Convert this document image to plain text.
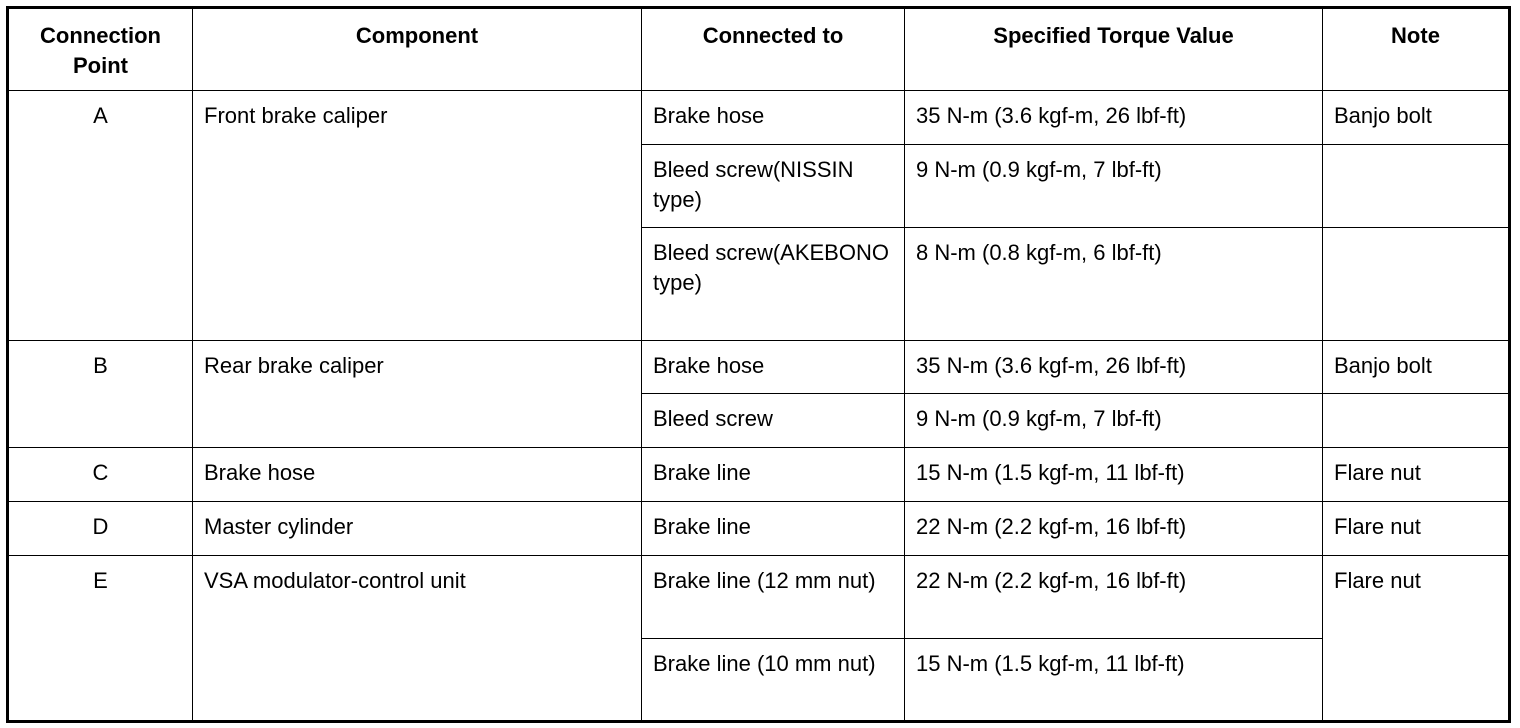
Connection Point	Component	Connected to	Specified Torque Value	Note
A	Front brake caliper	Brake hose	35 N-m (3.6 kgf-m, 26 lbf-ft)	Banjo bolt
		Bleed screw(NISSIN type)	9 N-m (0.9 kgf-m, 7 lbf-ft)	
		Bleed screw(AKEBONO type)	8 N-m (0.8 kgf-m, 6 lbf-ft)	
B	Rear brake caliper	Brake hose	35 N-m (3.6 kgf-m, 26 lbf-ft)	Banjo bolt
		Bleed screw	9 N-m (0.9 kgf-m, 7 lbf-ft)	
C	Brake hose	Brake line	15 N-m (1.5 kgf-m, 11 lbf-ft)	Flare nut
D	Master cylinder	Brake line	22 N-m (2.2 kgf-m, 16 lbf-ft)	Flare nut
E	VSA modulator-control unit	Brake line (12 mm nut)	22 N-m (2.2 kgf-m, 16 lbf-ft)	Flare nut
		Brake line (10 mm nut)	15 N-m (1.5 kgf-m, 11 lbf-ft)	
